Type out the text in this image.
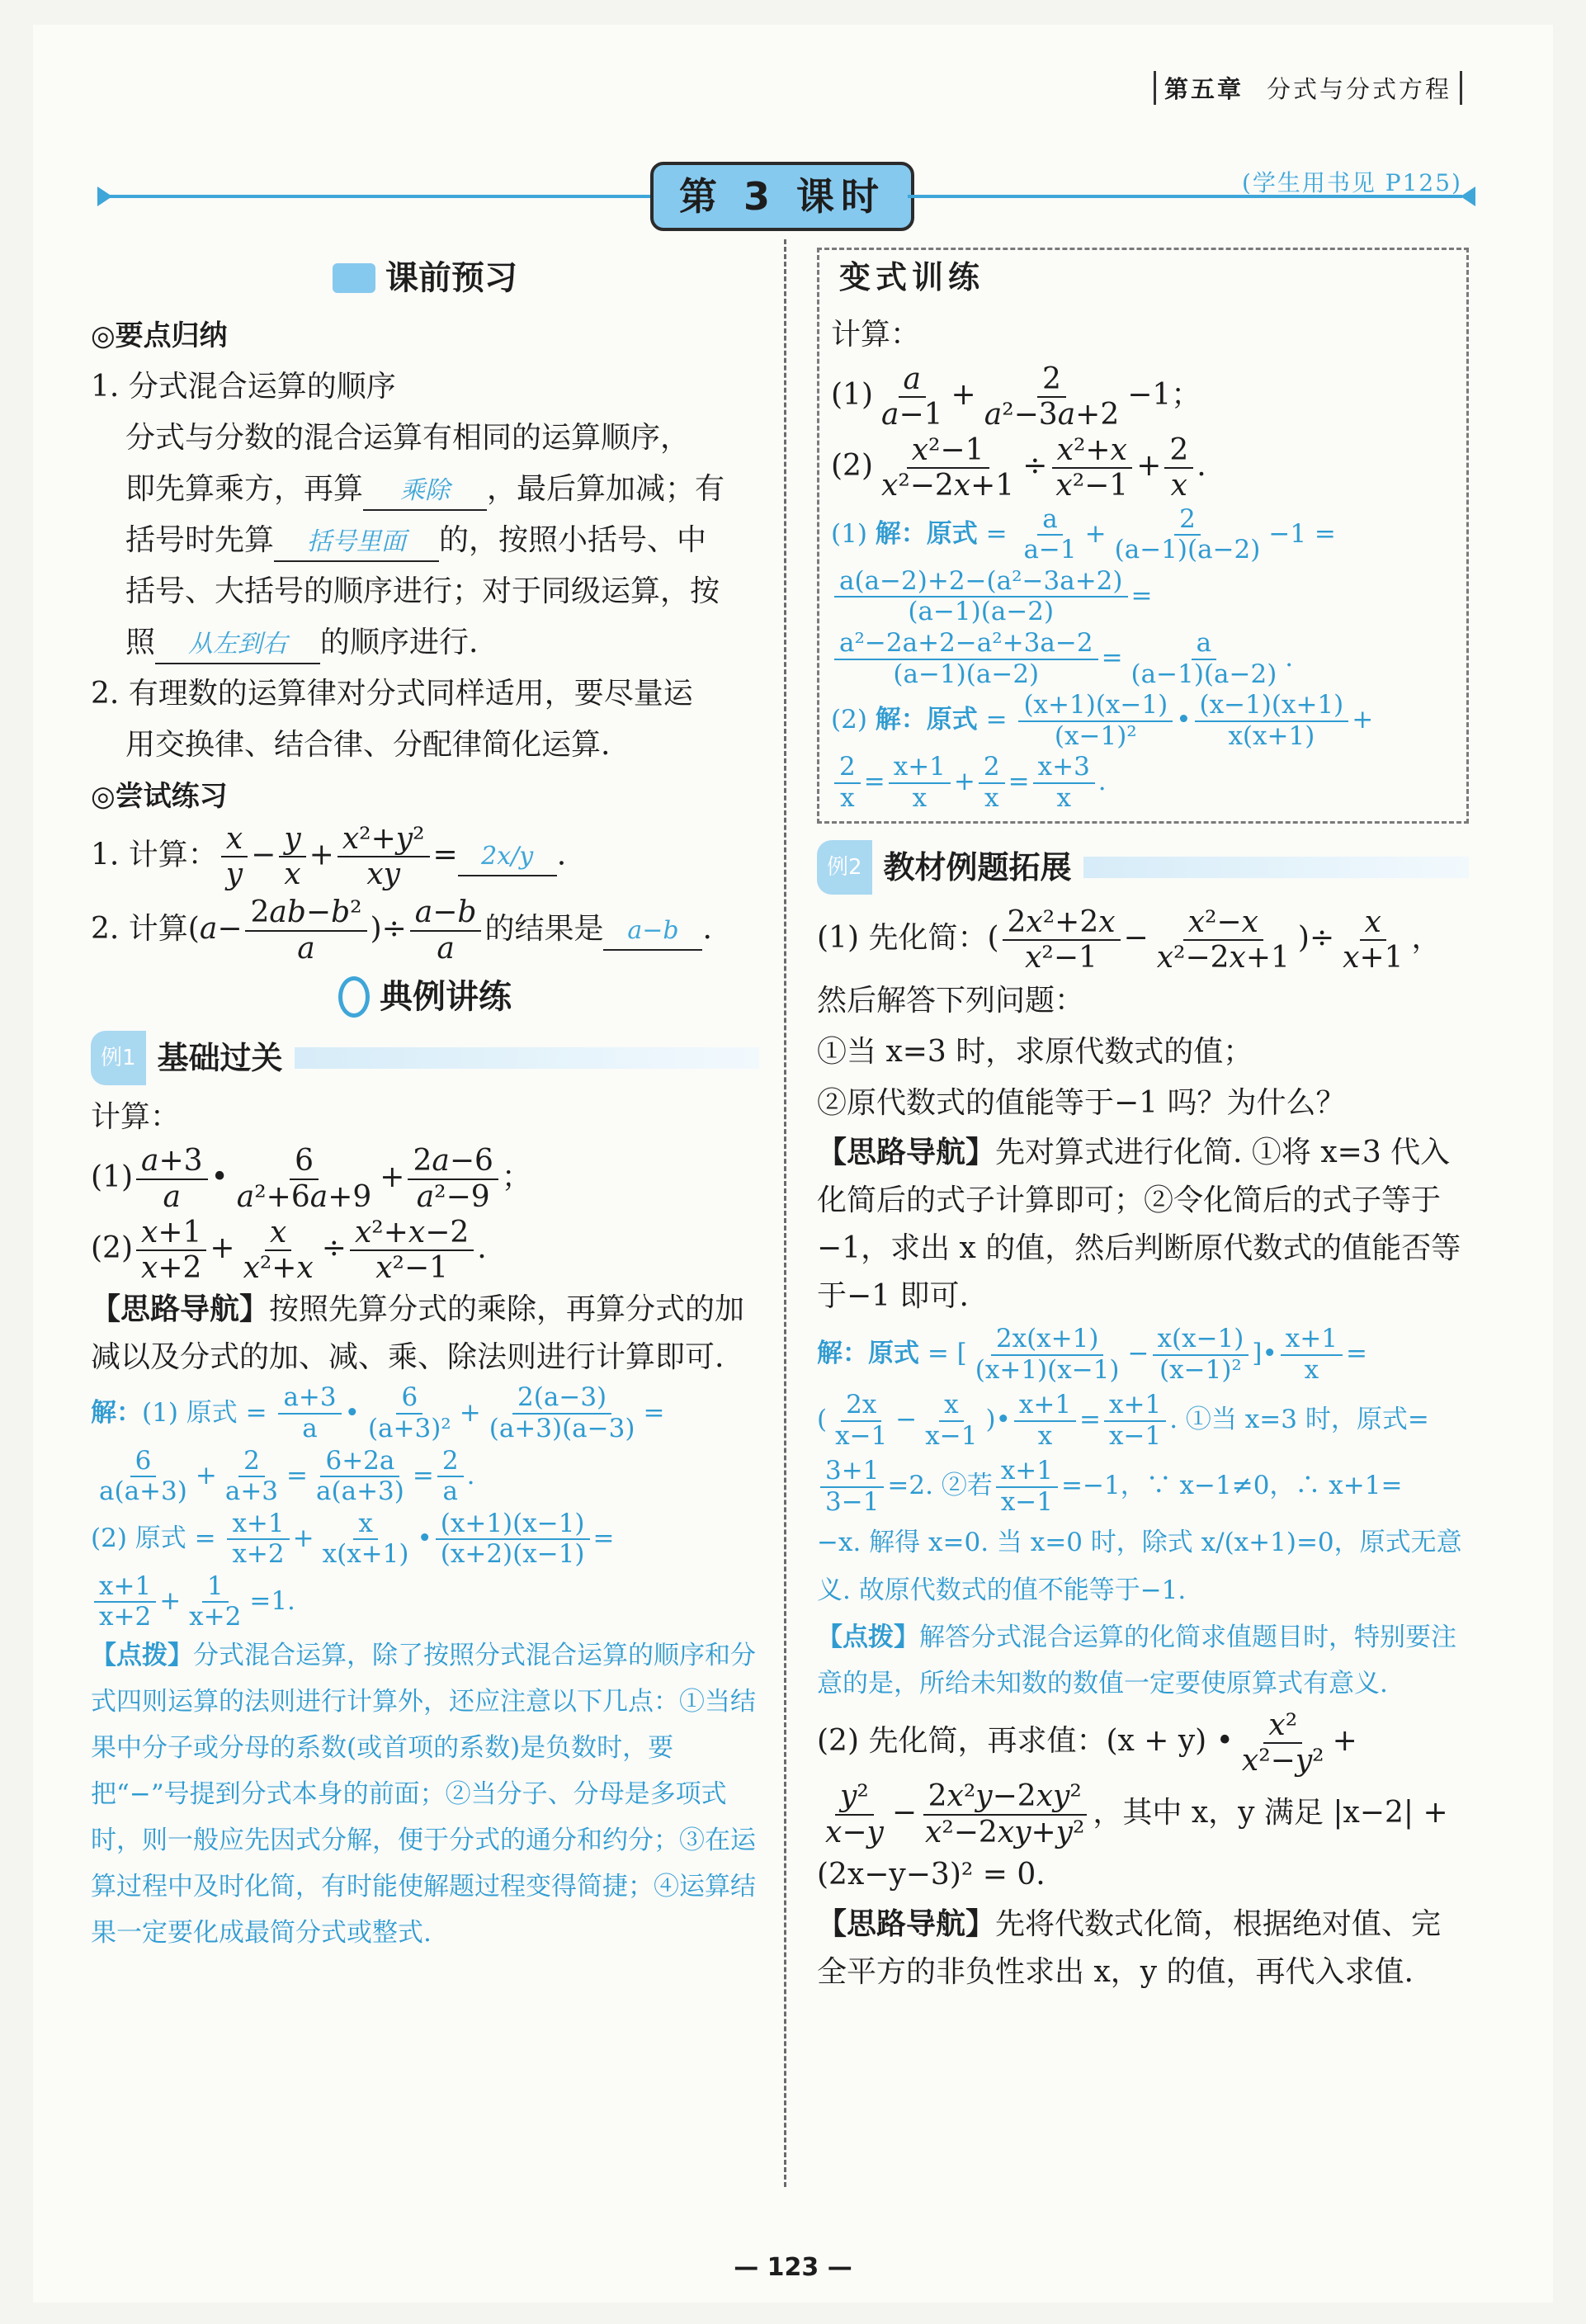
第五章 分式与分式方程
第 3 课时	(学生用书见 P125)
课前预习
◎要点归纳

1. 分式混合运算的顺序

分式与分数的混合运算有相同的运算顺序，

即先算乘方，再算 乘除 ，最后算加减；有

括号时先算 括号里面 的，按照小括号、中

括号、大括号的顺序进行；对于同级运算，按

照 从左到右 的顺序进行.

2. 有理数的运算律对分式同样适用，要尽量运

用交换律、结合律、分配律简化运算.

◎尝试练习

1. 计算： $\frac{x}{y} - \frac{y}{x} + \frac{\text{x²+y²}}{xy} = 2x/y$ .

2. 计算($a- \frac{\text{2ab−b²}}{a}$ )÷ $\frac{a-b}{a}$ 的结果是 a−b .

典例讲练
例1 基础过关

计算：

$(1) \frac{a+3}{a}$ • $\frac{6}{\text{a²+6a+9}} + \frac{2a-6}{\text{a²−9}}$ ；

$(2) \frac{x+1}{x+2} + \frac{x}{\text{x²+x}} \div \frac{\text{x²+x−2}}{\text{x²−1}}$ .

【思路导航】按照先算分式的乘除，再算分式的加减以及分式的加、减、乘、除法则进行计算即可.

解：(1) 原式 = $\frac{a+3}{a}$ • $\frac{6}{\text{(a+3)²}} + \frac{2(a-3)}{(a+3)(a-3)}$ =

$\frac{6}{a(a+3)} + \frac{2}{a+3} = \frac{6+2a}{a(a+3)} = \frac{2}{a}$ .

(2) 原式 = $\frac{x+1}{x+2} + \frac{x}{x(x+1)}$ • $\frac{(x+1)(x-1)}{(x+2)(x-1)}$ =

$\frac{x+1}{x+2} + \frac{1}{x+2} =1$.

【点拨】分式混合运算，除了按照分式混合运算的顺序和分式四则运算的法则进行计算外，还应注意以下几点：①当结果中分子或分母的系数(或首项的系数)是负数时，要把“−”号提到分式本身的前面；②当分子、分母是多项式时，则一般应先因式分解，便于分式的通分和约分；③在运算过程中及时化简，有时能使解题过程变得简捷；④运算结果一定要化成最简分式或整式.

变式训练

计算：

$(1) \frac{a}{a-1} + \frac{2}{\text{a²−3a+2}} -1$；

$(2) \frac{\text{x²−1}}{\text{x²−2x+1}} \div \frac{\text{x²+x}}{\text{x²−1}} + \frac{2}{x}$ .

(1) 解：原式 = $\frac{a}{a-1} + \frac{2}{(a-1)(a-2)} -1$ =

$\frac{\text{a(a−2)+2−(a²−3a+2)}}{(a-1)(a-2)}$ =

$\frac{\text{a²−2a+2−a²+3a−2}}{(a-1)(a-2)} = \frac{a}{(a-1)(a-2)}$ .

(2) 解：原式 = $\frac{(x+1)(x-1)}{\text{(x−1)²}}$ • $\frac{(x-1)(x+1)}{x(x+1)}$ +

$\frac{2}{x} = \frac{x+1}{x} + \frac{2}{x} = \frac{x+3}{x}$ .

例2 教材例题拓展

(1) 先化简：( $\frac{\text{2x²+2x}}{\text{x²−1}} - \frac{\text{x²−x}}{\text{x²−2x+1}}$ )÷ $\frac{x}{x+1}$ ，

然后解答下列问题：

①当 x=3 时，求原代数式的值；

②原代数式的值能等于−1 吗？为什么？

【思路导航】先对算式进行化简. ①将 x=3 代入化简后的式子计算即可；②令化简后的式子等于−1，求出 x 的值，然后判断原代数式的值能否等于−1 即可.

解：原式 = [ $\frac{2x(x+1)}{(x+1)(x-1)} - \frac{x(x-1)}{\text{(x−1)²}}$ ]• $\frac{x+1}{x}$ =

( $\frac{2x}{x-1} - \frac{x}{x-1}$ )• $\frac{x+1}{x} = \frac{x+1}{x-1}$ . ①当 x=3 时，原式=

$\frac{3+1}{3-1} =2$. ②若 $\frac{x+1}{x-1} =-1$，∵ x−1≠0，∴ x+1=

−x. 解得 x=0. 当 x=0 时，除式 x/(x+1)=0，原式无意义. 故原代数式的值不能等于−1.

【点拨】解答分式混合运算的化简求值题目时，特别要注意的是，所给未知数的数值一定要使原算式有意义.

(2) 先化简，再求值：(x + y) • $\frac{\text{x²}}{\text{x²−y²}}$ +

$\frac{\text{y²}}{x-y} - \frac{\text{2x²y−2xy²}}{\text{x²−2xy+y²}}$ ，其中 x，y 满足 |x−2| +

(2x−y−3)² = 0.

【思路导航】先将代数式化简，根据绝对值、完全平方的非负性求出 x，y 的值，再代入求值.

— 123 —
